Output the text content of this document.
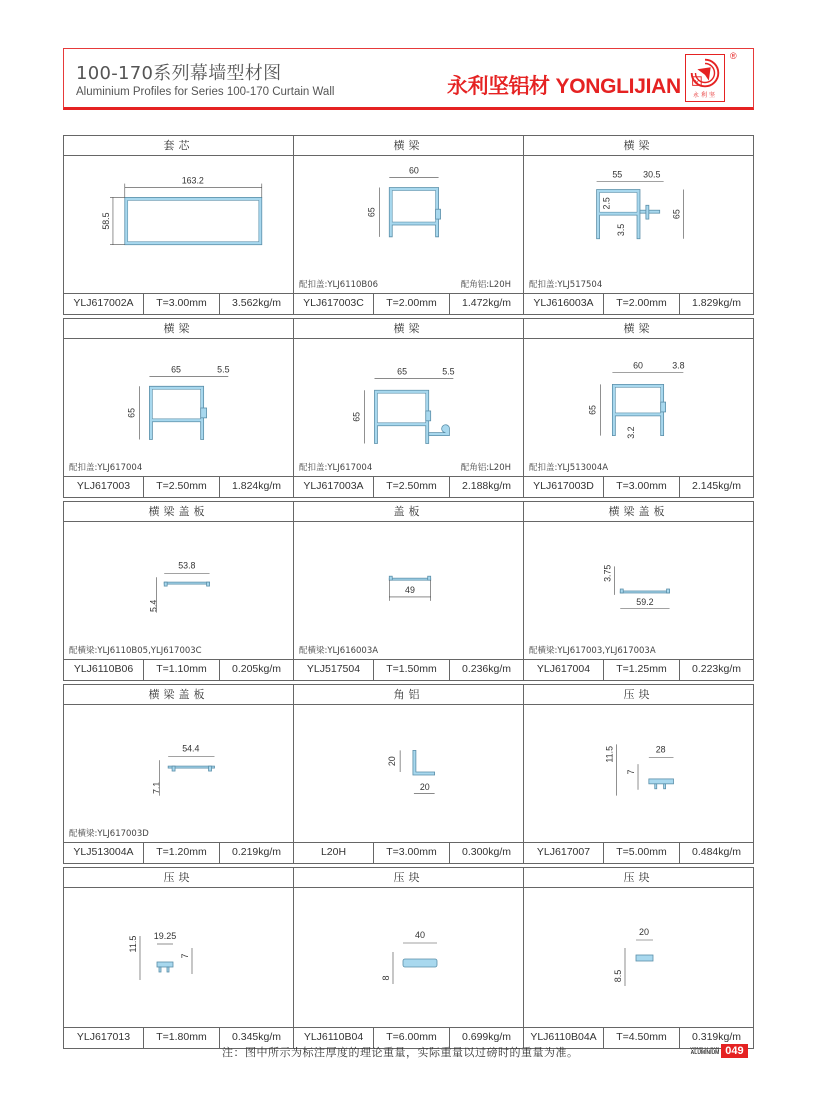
100-170系列幕墙型材图
Aluminium Profiles for Series 100-170 Curtain Wall	永利坚铝材 YONGLIJIAN Y
永利坚
®
套芯
163.2
58.5
YLJ617002A	T=3.00mm	3.562kg/m
横梁
60
65
配扣盖:YLJ6110B06	配角铝:L20H
YLJ617003C	T=2.00mm	1.472kg/m
横梁
55 30.5
2.5
3.5
65
配扣盖:YLJ517504
YLJ616003A	T=2.00mm	1.829kg/m
横梁
65	5.5
65
配扣盖:YLJ617004
YLJ617003	T=2.50mm	1.824kg/m
横梁
65	5.5
65
配扣盖:YLJ617004	配角铝:L20H
YLJ617003A	T=2.50mm	2.188kg/m
横梁
60	3.8
65
3.2
配扣盖:YLJ513004A
YLJ617003D	T=3.00mm	2.145kg/m
横梁盖板
53.8
5.4
配横梁:YLJ6110B05,YLJ617003C
YLJ6110B06	T=1.10mm	0.205kg/m
盖板
49
配横梁:YLJ616003A
YLJ517504	T=1.50mm	0.236kg/m
横梁盖板
59.2
3.75
配横梁:YLJ617003,YLJ617003A
YLJ617004	T=1.25mm	0.223kg/m
横梁盖板
54.4
7.1
配横梁:YLJ617003D
YLJ513004A	T=1.20mm	0.219kg/m
角铝
20
20
L20H	T=3.00mm	0.300kg/m
压块
28
11.5
7
YLJ617007	T=5.00mm	0.484kg/m
压块
19.25
11.5
7
YLJ617013	T=1.80mm	0.345kg/m
压块
40
8
YLJ6110B04	T=6.00mm	0.699kg/m
压块
20
8.5
YLJ6110B04A	T=4.50mm	0.319kg/m
注：图中所示为标注厚度的理论重量，实际重量以过磅时的重量为准。	YONG LI JIAN
ALUMINIUM 049
